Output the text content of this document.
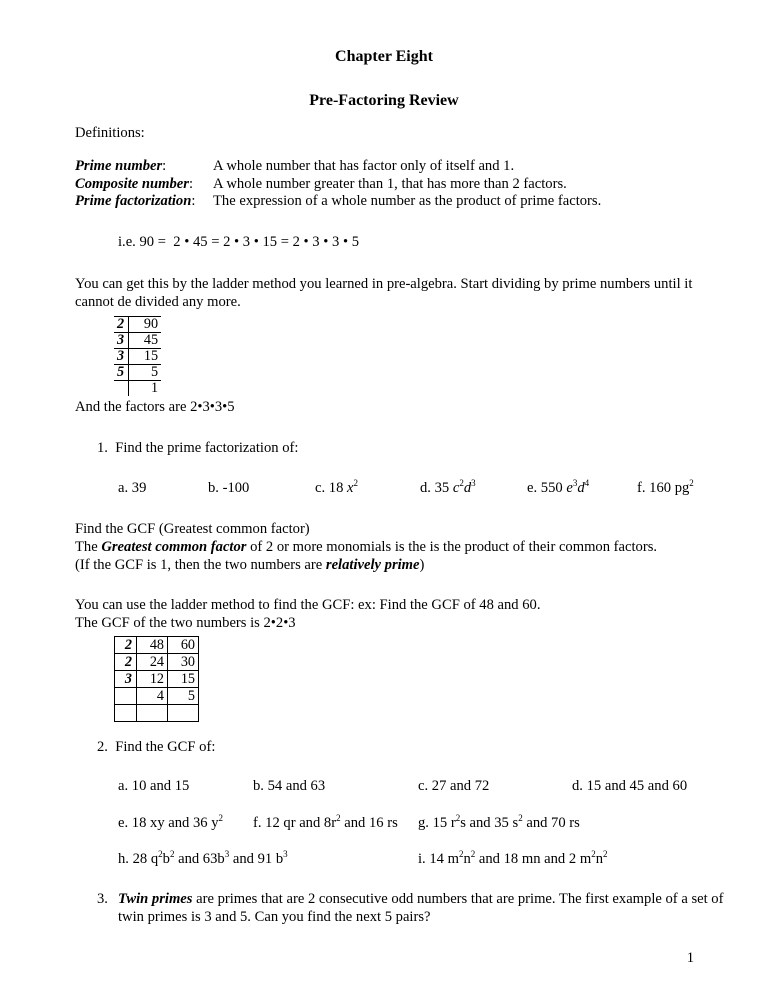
Chapter Eight
Pre-Factoring Review
Definitions:
Prime number:	A whole number that has factor only of itself and 1.
Composite number: A whole number greater than 1, that has more than 2 factors.
Prime factorization: The expression of a whole number as the product of prime factors.
i.e. 90 =  2 • 45 = 2 • 3 • 15 = 2 • 3 • 3 • 5
You can get this by the ladder method you learned in pre-algebra. Start dividing by prime numbers until it
cannot de divided any more.
2	90
3	45
3	15
5	5
	1
And the factors are 2•3•3•5
1.  Find the prime factorization of:
a. 39	b. -100	c. 18 $x^2$	d. 35 $c^2d^3$	e. 550 $e^3d^4$	f. 160 $pg^2$
Find the GCF (Greatest common factor)
The Greatest common factor of 2 or more monomials is the is the product of their common factors.
(If the GCF is 1, then the two numbers are relatively prime)
You can use the ladder method to find the GCF: ex: Find the GCF of 48 and 60.
The GCF of the two numbers is 2•2•3
2	48	60
2	24	30
3	12	15
	4	5

2.  Find the GCF of:
a. 10 and 15	b. 54 and 63	c. 27 and 72	d. 15 and 45 and 60
e. 18 xy and 36 $y^2$ f. 12 qr and $8r^2$ and 16 rs g. 15 $r^2s$ and 35 $s^2$ and 70 rs
h. 28 $q^2b^2$ and $63b^3$ and 91 $b^3$	i. 14 $m^2n^2$ and 18 mn and 2 $m^2n^2$
3. Twin primes are primes that are 2 consecutive odd numbers that are prime. The first example of a set of
twin primes is 3 and 5. Can you find the next 5 pairs?
1
